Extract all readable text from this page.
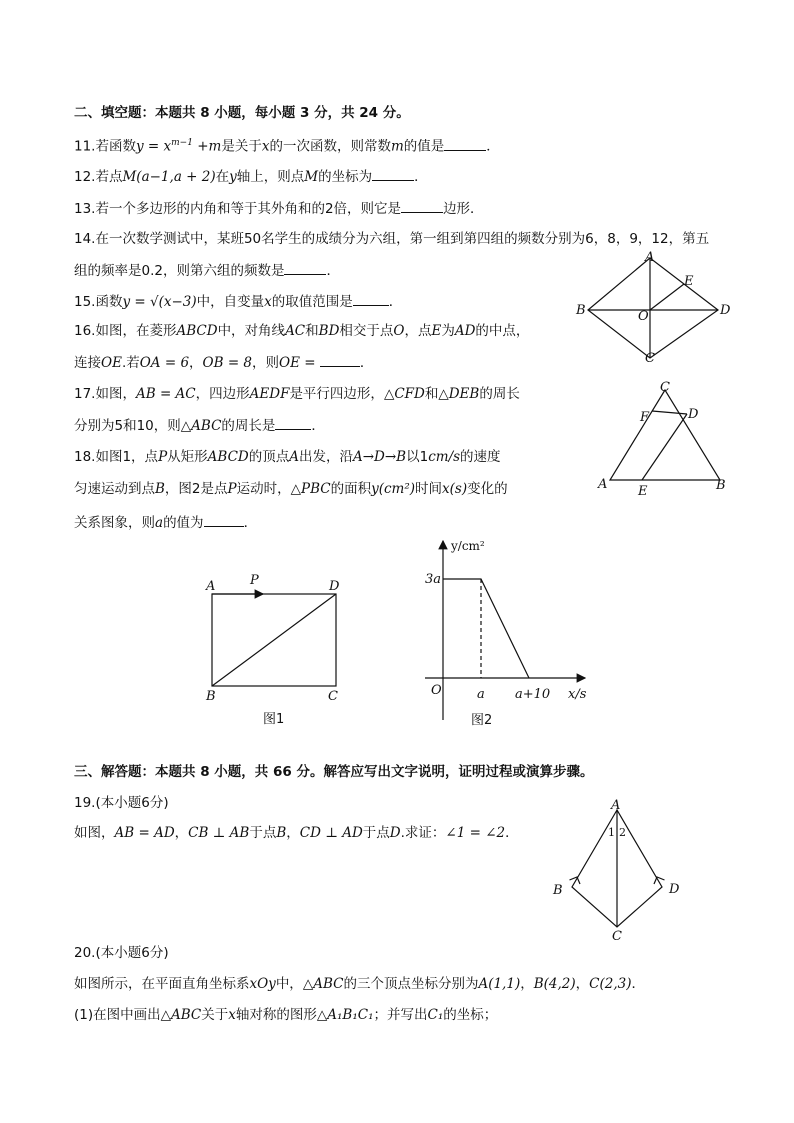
二、填空题：本题共 8 小题，每小题 3 分，共 24 分。
11.若函数$y = x^{m-1} +m$是关于x的一次函数，则常数m的值是	．
12.若点M(a−1,a + 2)在y轴上，则点M的坐标为	．
13.若一个多边形的内角和等于其外角和的2倍，则它是	边形．
14.在一次数学测试中，某班50名学生的成绩分为六组，第一组到第四组的频数分别为6，8，9，12，第五
组的频率是0.2，则第六组的频数是	．
15.函数y = √(x−3)中，自变量x的取值范围是	．
16.如图，在菱形ABCD中，对角线AC和BD相交于点O，点E为AD的中点，
连接OE.若OA = 6，OB = 8，则OE =	．
17.如图，AB = AC，四边形AEDF是平行四边形，△CFD和△DEB的周长
分别为5和10，则△ABC的周长是	．
18.如图1，点P从矩形ABCD的顶点A出发，沿A→D→B以1cm/s的速度
匀速运动到点B，图2是点P运动时，△PBC的面积y(cm²)时间x(s)变化的
关系图象，则a的值为	．
A
B
C
D
E
O
C
F	D
A E	B
A	P	D
B	C
图1
y/cm²
3a
O	a a+10 x/s
图2
三、解答题：本题共 8 小题，共 66 分。解答应写出文字说明，证明过程或演算步骤。
19.(本小题6分)
如图，AB = AD，CB ⊥ AB于点B，CD ⊥ AD于点D.求证：∠1 = ∠2．
A
1 2
B	D
C
20.(本小题6分)
如图所示，在平面直角坐标系xOy中，△ABC的三个顶点坐标分别为A(1,1)，B(4,2)，C(2,3)．
(1)在图中画出△ABC关于x轴对称的图形△A₁B₁C₁；并写出C₁的坐标；
